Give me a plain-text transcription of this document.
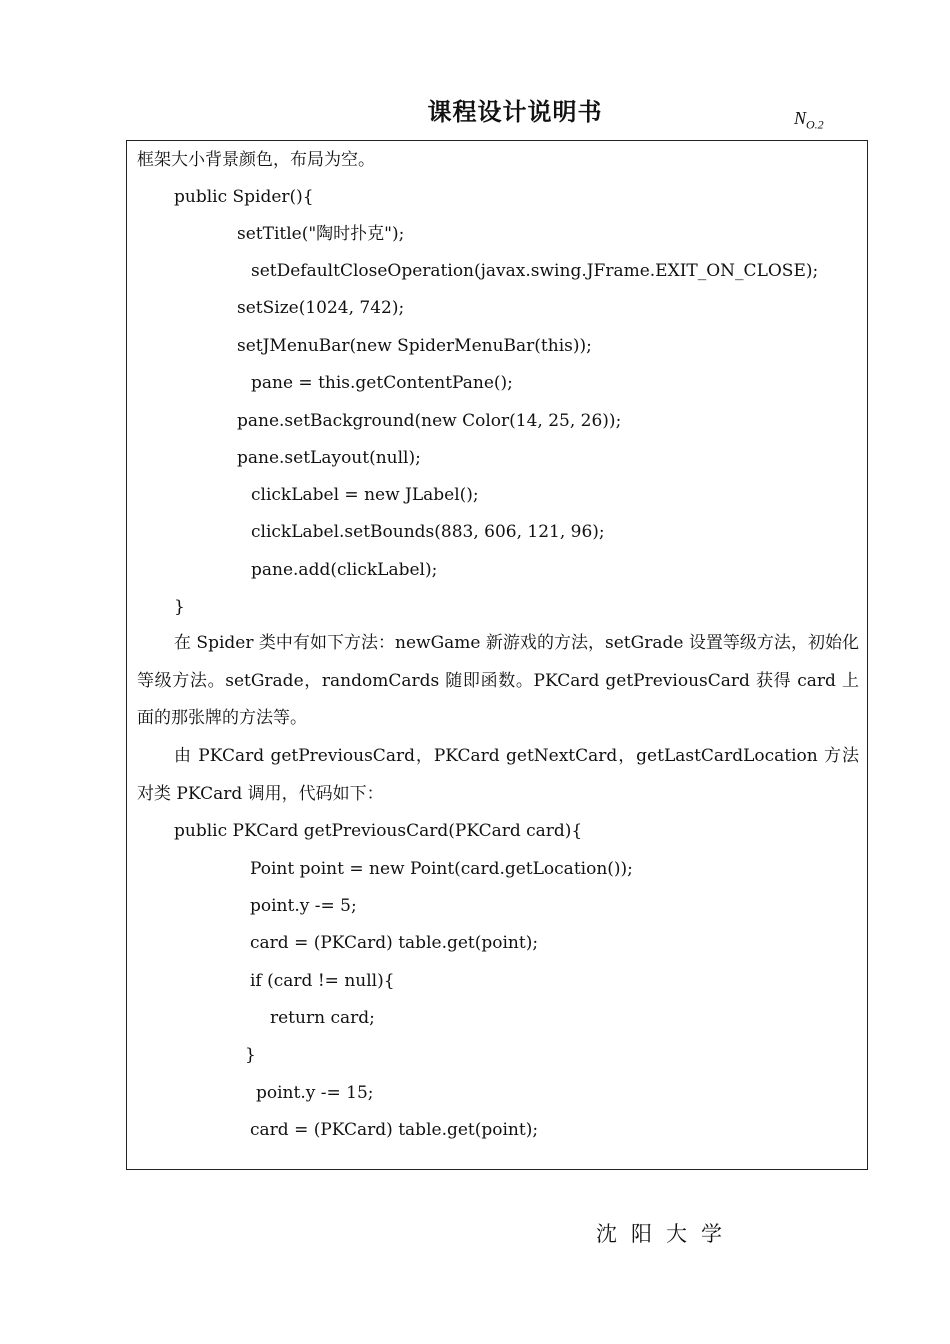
课程设计说明书	$N_{O.2}$
框架大小背景颜色，布局为空。
public Spider(){
setTitle("陶时扑克");
setDefaultCloseOperation(javax.swing.JFrame.EXIT_ON_CLOSE);
setSize(1024, 742);
setJMenuBar(new SpiderMenuBar(this));
pane = this.getContentPane();
pane.setBackground(new Color(14, 25, 26));
pane.setLayout(null);
clickLabel = new JLabel();
clickLabel.setBounds(883, 606, 121, 96);
pane.add(clickLabel);
}
在 Spider 类中有如下方法：newGame 新游戏的方法，setGrade 设置等级方法，初始化等级方法。setGrade，randomCards 随即函数。PKCard getPreviousCard 获得 card 上面的那张牌的方法等。
由 PKCard getPreviousCard，PKCard getNextCard，getLastCardLocation 方法对类 PKCard 调用，代码如下：
public PKCard getPreviousCard(PKCard card){
Point point = new Point(card.getLocation());
point.y -= 5;
card = (PKCard) table.get(point);
if (card != null){
return card;
}
point.y -= 15;
card = (PKCard) table.get(point);
沈阳大学
